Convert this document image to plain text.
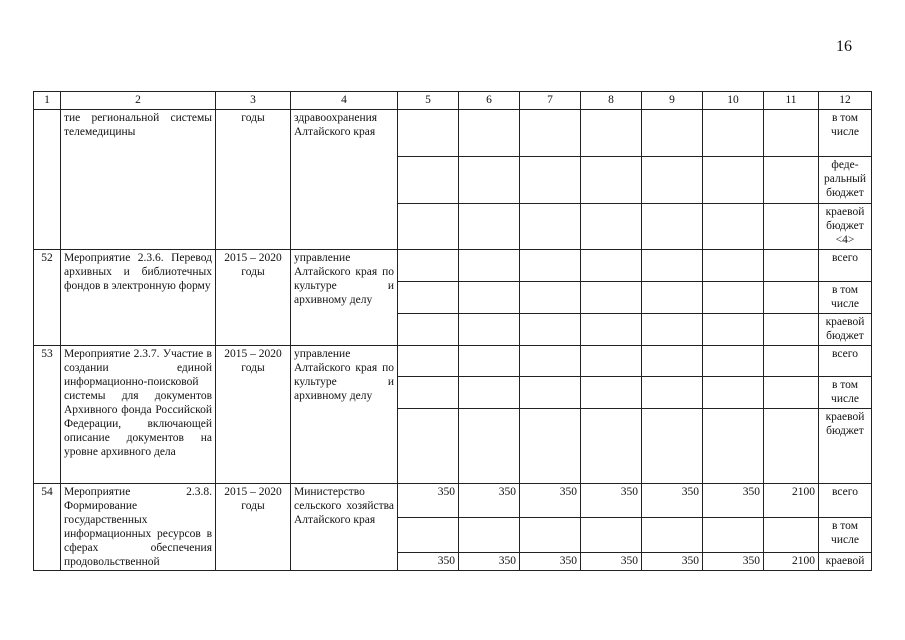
16
1	2	3	4	5	6	7	8	9	10	11	12
	тие региональной системы телемедицины	годы	здравоохранения Алтайского края								в том числе
											феде-ральный бюджет
											краевой бюджет <4>
52	Мероприятие 2.3.6. Перевод архивных и библиотечных фондов в электронную форму	2015 – 2020 годы	управление Алтайского края по культуре и архивному делу								всего
											в том числе
											краевой бюджет
53	Мероприятие 2.3.7. Участие в создании единой информационно-поисковой системы для документов Архивного фонда Российской Федерации, включающей описание документов на уровне архивного дела	2015 – 2020 годы	управление Алтайского края по культуре и архивному делу								всего
											в том числе
											краевой бюджет
54	Мероприятие 2.3.8. Формирование государственных информационных ресурсов в сферах обеспечения продовольственной	2015 – 2020 годы	Министерство сельского хозяйства Алтайского края	350	350	350	350	350	350	2100	всего
											в том числе
				350	350	350	350	350	350	2100	краевой
